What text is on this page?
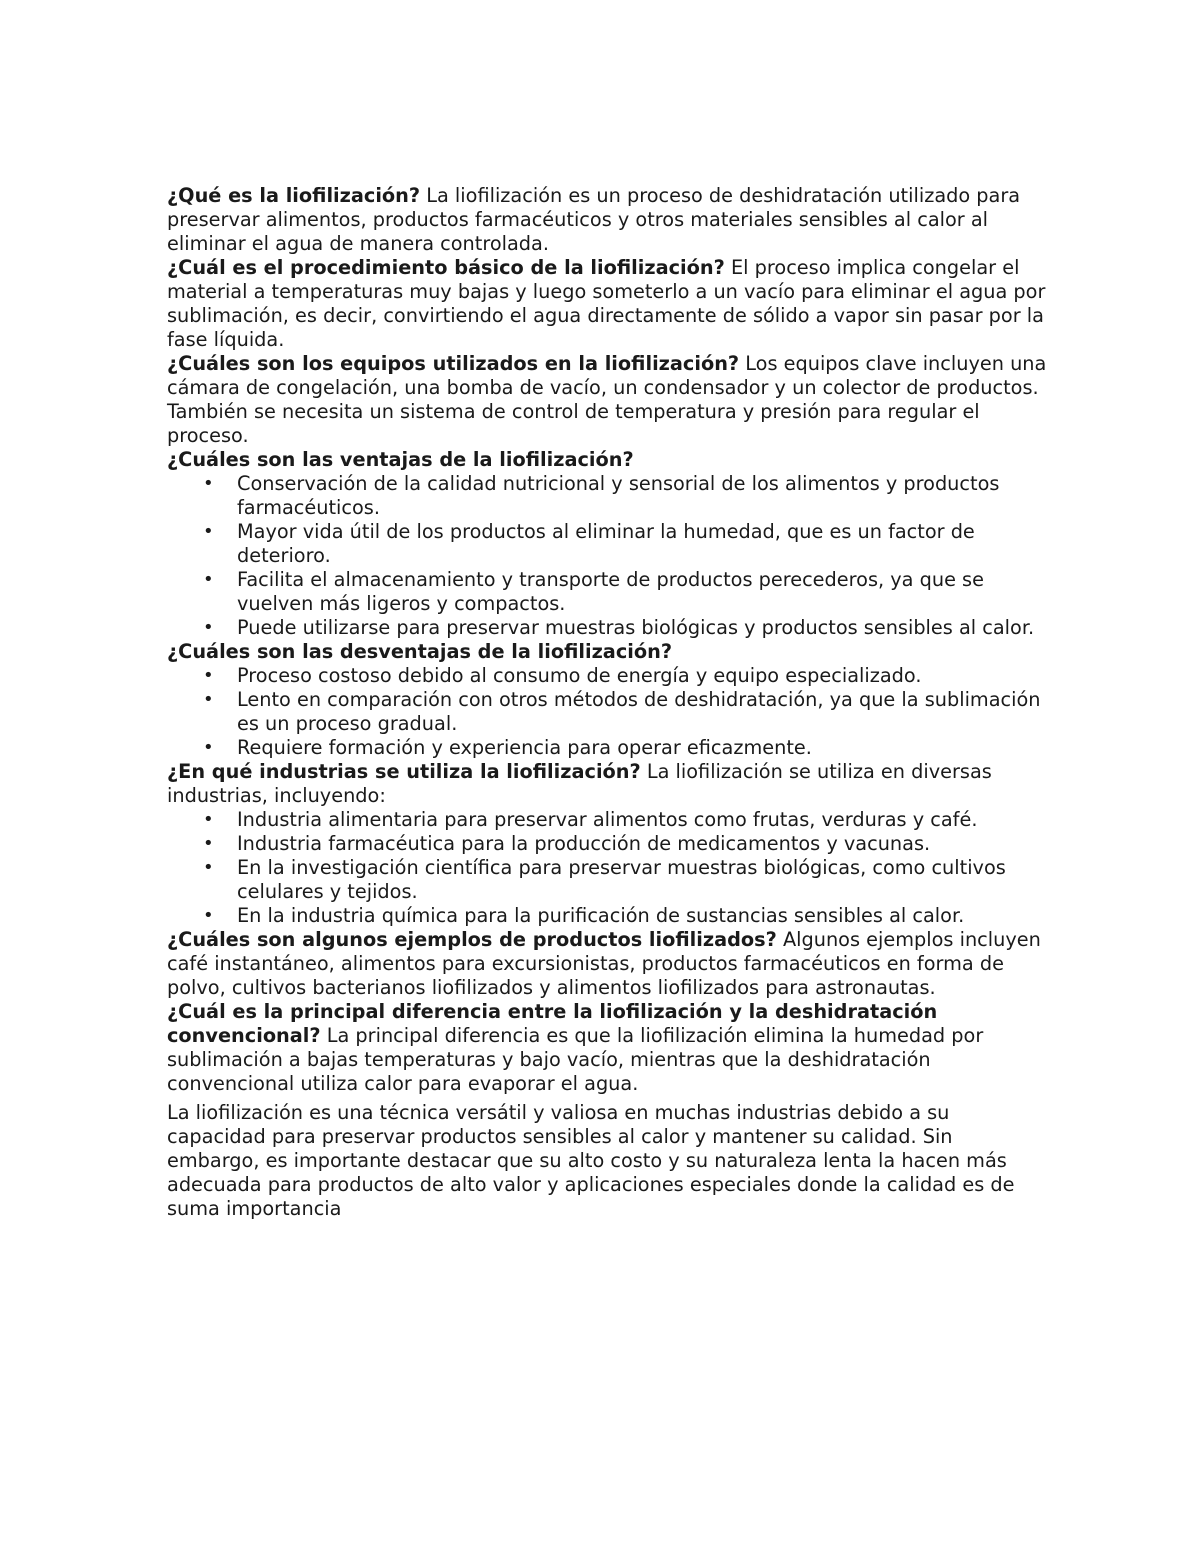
¿Qué es la liofilización? La liofilización es un proceso de deshidratación utilizado para preservar alimentos, productos farmacéuticos y otros materiales sensibles al calor al eliminar el agua de manera controlada.

¿Cuál es el procedimiento básico de la liofilización? El proceso implica congelar el material a temperaturas muy bajas y luego someterlo a un vacío para eliminar el agua por sublimación, es decir, convirtiendo el agua directamente de sólido a vapor sin pasar por la fase líquida.

¿Cuáles son los equipos utilizados en la liofilización? Los equipos clave incluyen una cámara de congelación, una bomba de vacío, un condensador y un colector de productos. También se necesita un sistema de control de temperatura y presión para regular el proceso.

¿Cuáles son las ventajas de la liofilización?

• Conservación de la calidad nutricional y sensorial de los alimentos y productos farmacéuticos.
• Mayor vida útil de los productos al eliminar la humedad, que es un factor de deterioro.
• Facilita el almacenamiento y transporte de productos perecederos, ya que se vuelven más ligeros y compactos.
• Puede utilizarse para preservar muestras biológicas y productos sensibles al calor.

¿Cuáles son las desventajas de la liofilización?

• Proceso costoso debido al consumo de energía y equipo especializado.
• Lento en comparación con otros métodos de deshidratación, ya que la sublimación es un proceso gradual.
• Requiere formación y experiencia para operar eficazmente.

¿En qué industrias se utiliza la liofilización? La liofilización se utiliza en diversas industrias, incluyendo:

• Industria alimentaria para preservar alimentos como frutas, verduras y café.
• Industria farmacéutica para la producción de medicamentos y vacunas.
• En la investigación científica para preservar muestras biológicas, como cultivos celulares y tejidos.
• En la industria química para la purificación de sustancias sensibles al calor.

¿Cuáles son algunos ejemplos de productos liofilizados? Algunos ejemplos incluyen café instantáneo, alimentos para excursionistas, productos farmacéuticos en forma de polvo, cultivos bacterianos liofilizados y alimentos liofilizados para astronautas.

¿Cuál es la principal diferencia entre la liofilización y la deshidratación convencional? La principal diferencia es que la liofilización elimina la humedad por sublimación a bajas temperaturas y bajo vacío, mientras que la deshidratación convencional utiliza calor para evaporar el agua.

La liofilización es una técnica versátil y valiosa en muchas industrias debido a su capacidad para preservar productos sensibles al calor y mantener su calidad. Sin embargo, es importante destacar que su alto costo y su naturaleza lenta la hacen más adecuada para productos de alto valor y aplicaciones especiales donde la calidad es de suma importancia
